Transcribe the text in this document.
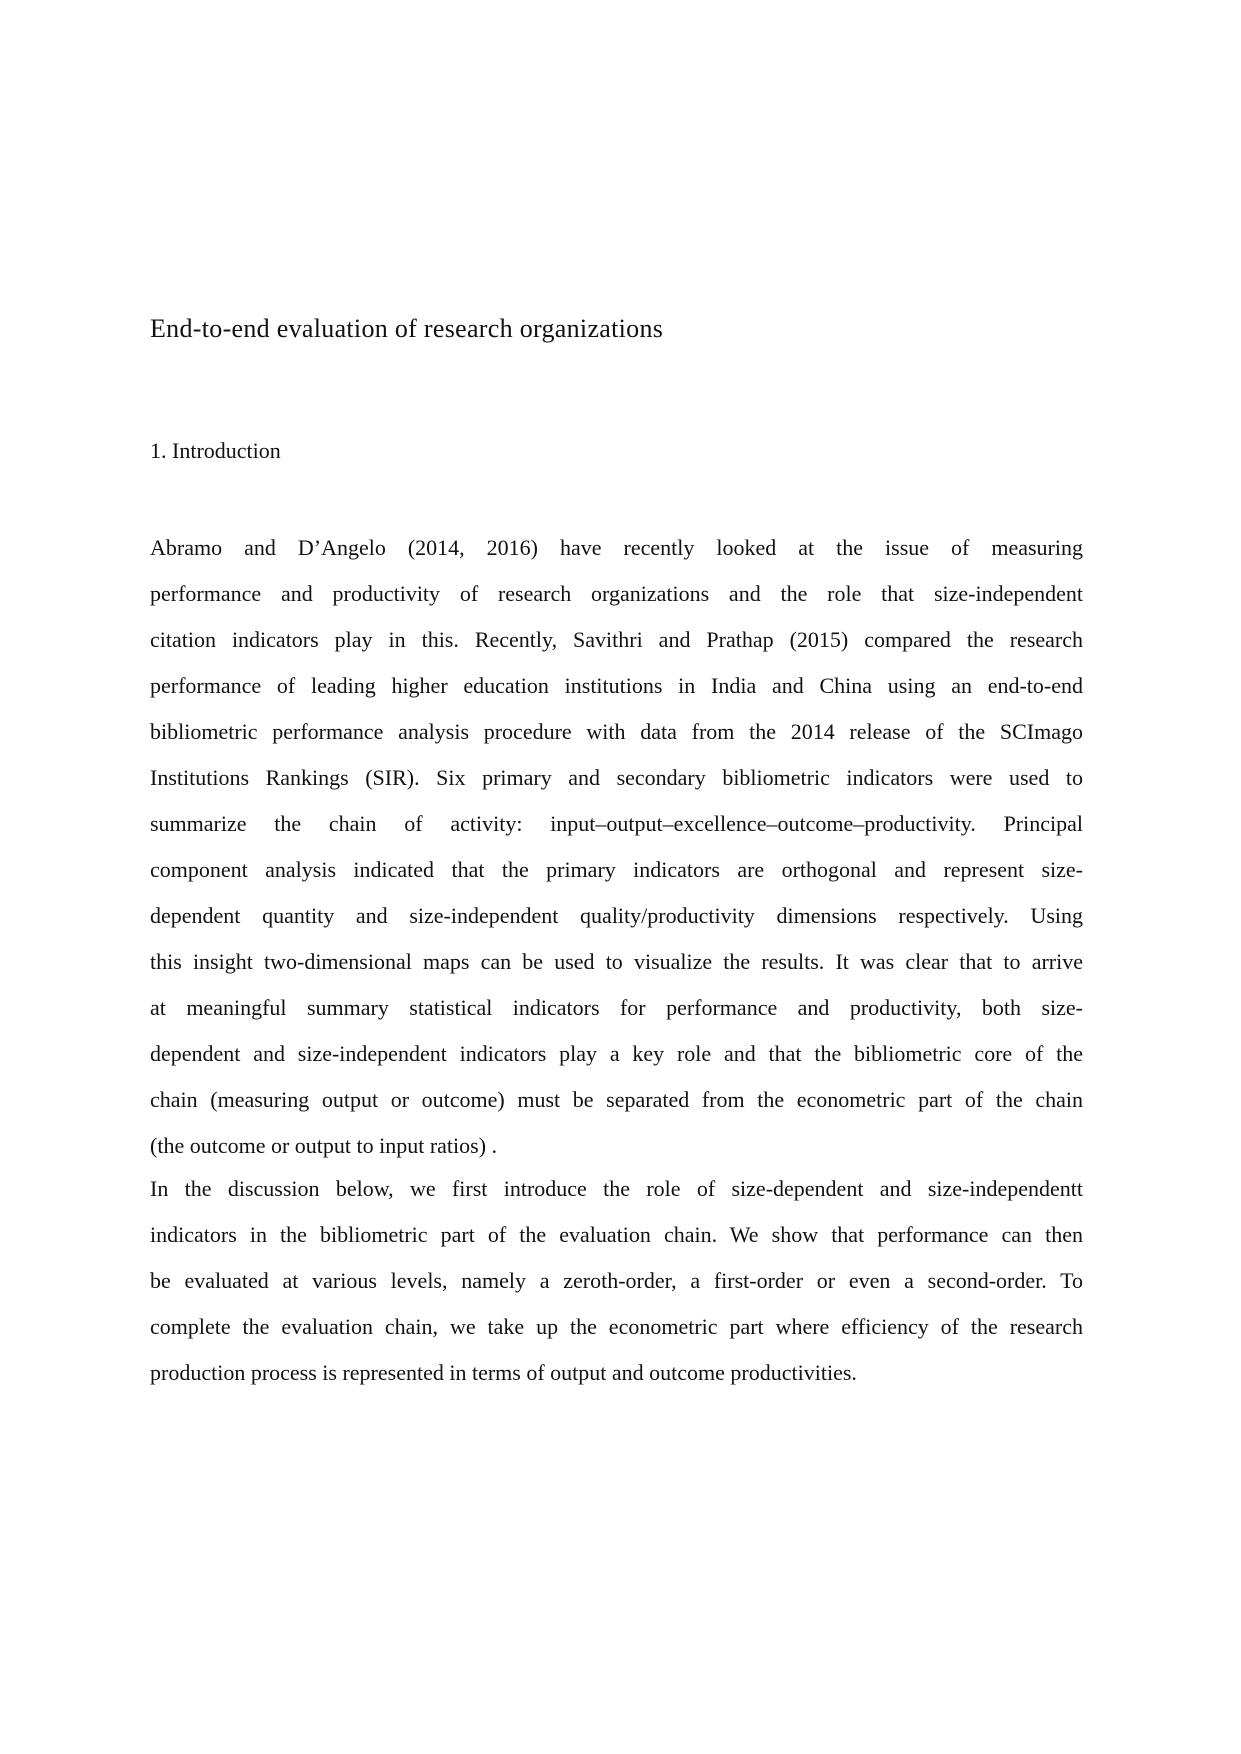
End-to-end evaluation of research organizations
1. Introduction
Abramo and D’Angelo (2014, 2016) have recently looked at the issue of measuring
performance and productivity of research organizations and the role that size-independent
citation indicators play in this. Recently, Savithri and Prathap (2015) compared the research
performance of leading higher education institutions in India and China using an end-to-end
bibliometric performance analysis procedure with data from the 2014 release of the SCImago
Institutions Rankings (SIR). Six primary and secondary bibliometric indicators were used to
summarize the chain of activity: input–output–excellence–outcome–productivity. Principal
component analysis indicated that the primary indicators are orthogonal and represent size-
dependent quantity and size-independent quality/productivity dimensions respectively. Using
this insight two-dimensional maps can be used to visualize the results. It was clear that to arrive
at meaningful summary statistical indicators for performance and productivity, both size-
dependent and size-independent indicators play a key role and that the bibliometric core of the
chain (measuring output or outcome) must be separated from the econometric part of the chain
(the outcome or output to input ratios) .
In the discussion below, we first introduce the role of size-dependent and size-independentt
indicators in the bibliometric part of the evaluation chain. We show that performance can then
be evaluated at various levels, namely a zeroth-order, a first-order or even a second-order. To
complete the evaluation chain, we take up the econometric part where efficiency of the research
production process is represented in terms of output and outcome productivities.
